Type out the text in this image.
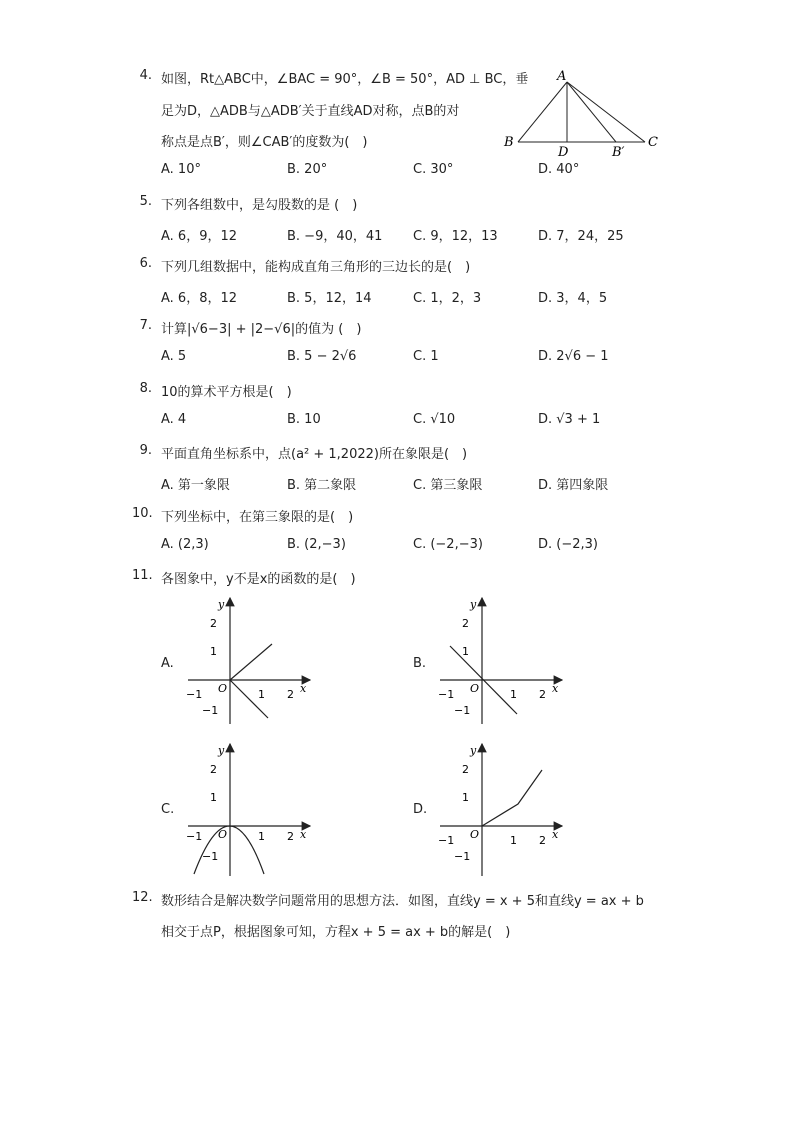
4. 如图，Rt△ABC中，∠BAC = 90°，∠B = 50°，AD ⊥ BC，垂
足为D，△ADB与△ADB′关于直线AD对称，点B的对
称点是点B′，则∠CAB′的度数为(　)
A. 10°	B. 20°	C. 30°	D. 40°
A
B	C
D	B′
5. 下列各组数中，是勾股数的是 (　)
A. 6，9，12	B. −9，40，41 C. 9，12，13	D. 7，24，25
6. 下列几组数据中，能构成直角三角形的三边长的是(　)
A. 6，8，12	B. 5，12，14	C. 1，2，3	D. 3，4，5
7. 计算|√6−3| + |2−√6|的值为 (　)
A. 5	B. 5 − 2√6	C. 1	D. 2√6 − 1
8. 10的算术平方根是(　)
A. 4	B. 10	C. √10	D. √3 + 1
9. 平面直角坐标系中，点(a² + 1,2022)所在象限是(　)
A. 第一象限	B. 第二象限	C. 第三象限	D. 第四象限
10. 下列坐标中，在第三象限的是(　)
A. (2,3)	B. (2,−3)	C. (−2,−3)	D. (−2,3)
11. 各图象中，y不是x的函数的是(　)
A.	B.
C.	D.
y
x
O
2
1
−1
−1	1 2
y
x
O
2
1
−1
−1	1 2
y
x
O
2
1
−1
−1	1 2
y
x
O
2
1
−1
−1	1 2
12. 数形结合是解决数学问题常用的思想方法．如图，直线y = x + 5和直线y = ax + b
相交于点P，根据图象可知，方程x + 5 = ax + b的解是(　)
